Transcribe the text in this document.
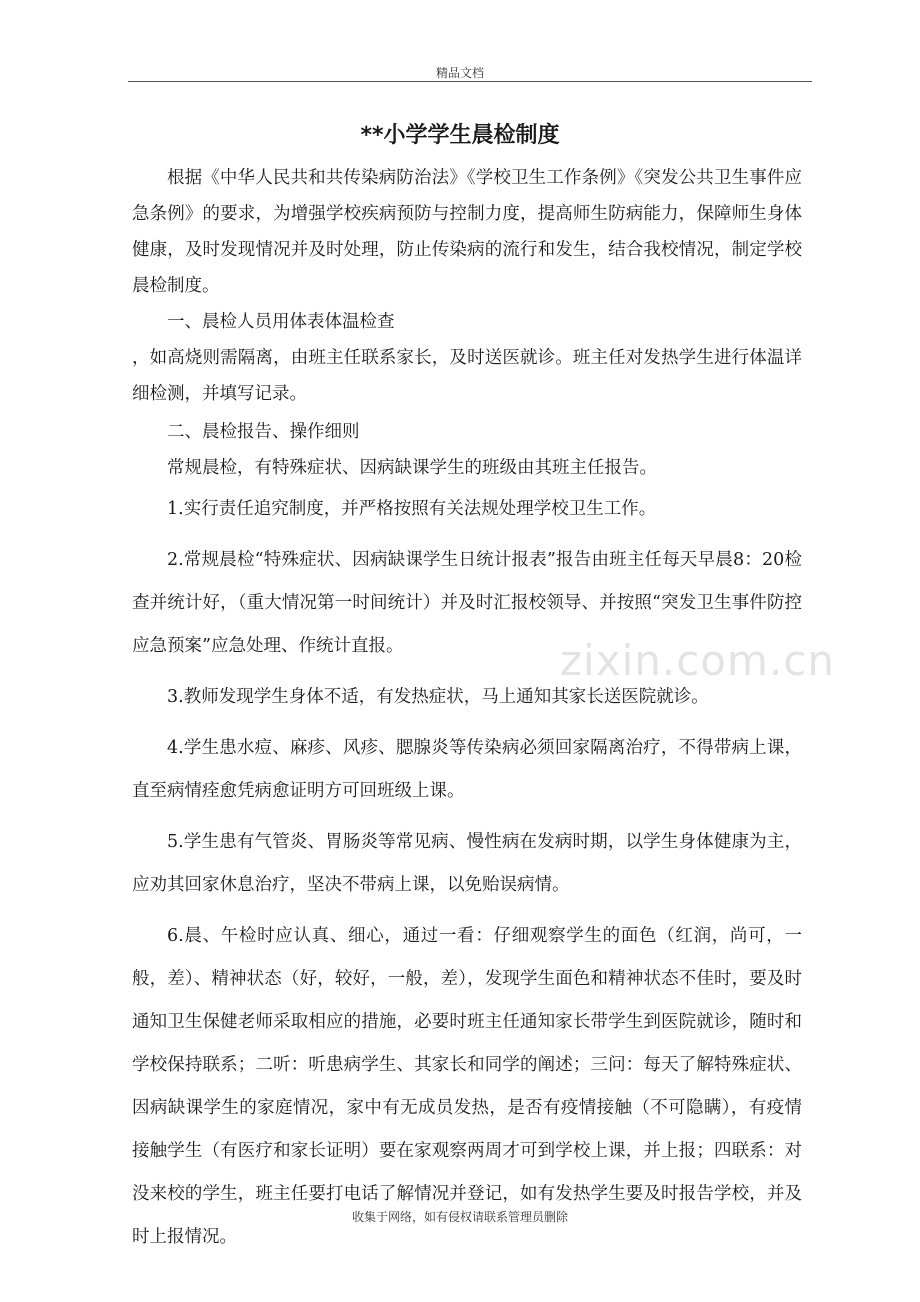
精品文档
**小学学生晨检制度

根据《中华人民共和共传染病防治法》《学校卫生工作条例》《突发公共卫生事件应急条例》的要求，为增强学校疾病预防与控制力度，提高师生防病能力，保障师生身体健康，及时发现情况并及时处理，防止传染病的流行和发生，结合我校情况，制定学校晨检制度。

一、晨检人员用体表体温检查

，如高烧则需隔离，由班主任联系家长，及时送医就诊。班主任对发热学生进行体温详细检测，并填写记录。

二、晨检报告、操作细则

常规晨检，有特殊症状、因病缺课学生的班级由其班主任报告。

1.实行责任追究制度，并严格按照有关法规处理学校卫生工作。

2.常规晨检“特殊症状、因病缺课学生日统计报表”报告由班主任每天早晨8：20检查并统计好，（重大情况第一时间统计）并及时汇报校领导、并按照“突发卫生事件防控应急预案”应急处理、作统计直报。

3.教师发现学生身体不适，有发热症状，马上通知其家长送医院就诊。

4.学生患水痘、麻疹、风疹、腮腺炎等传染病必须回家隔离治疗，不得带病上课，直至病情痊愈凭病愈证明方可回班级上课。

5.学生患有气管炎、胃肠炎等常见病、慢性病在发病时期，以学生身体健康为主，应劝其回家休息治疗，坚决不带病上课，以免贻误病情。

6.晨、午检时应认真、细心，通过一看：仔细观察学生的面色（红润，尚可，一般，差）、精神状态（好，较好，一般，差），发现学生面色和精神状态不佳时，要及时通知卫生保健老师采取相应的措施，必要时班主任通知家长带学生到医院就诊，随时和学校保持联系；二听：听患病学生、其家长和同学的阐述；三问：每天了解特殊症状、因病缺课学生的家庭情况，家中有无成员发热，是否有疫情接触（不可隐瞒），有疫情接触学生（有医疗和家长证明）要在家观察两周才可到学校上课，并上报；四联系：对没来校的学生，班主任要打电话了解情况并登记，如有发热学生要及时报告学校，并及时上报情况。

zixin.com.cn
收集于网络，如有侵权请联系管理员删除
